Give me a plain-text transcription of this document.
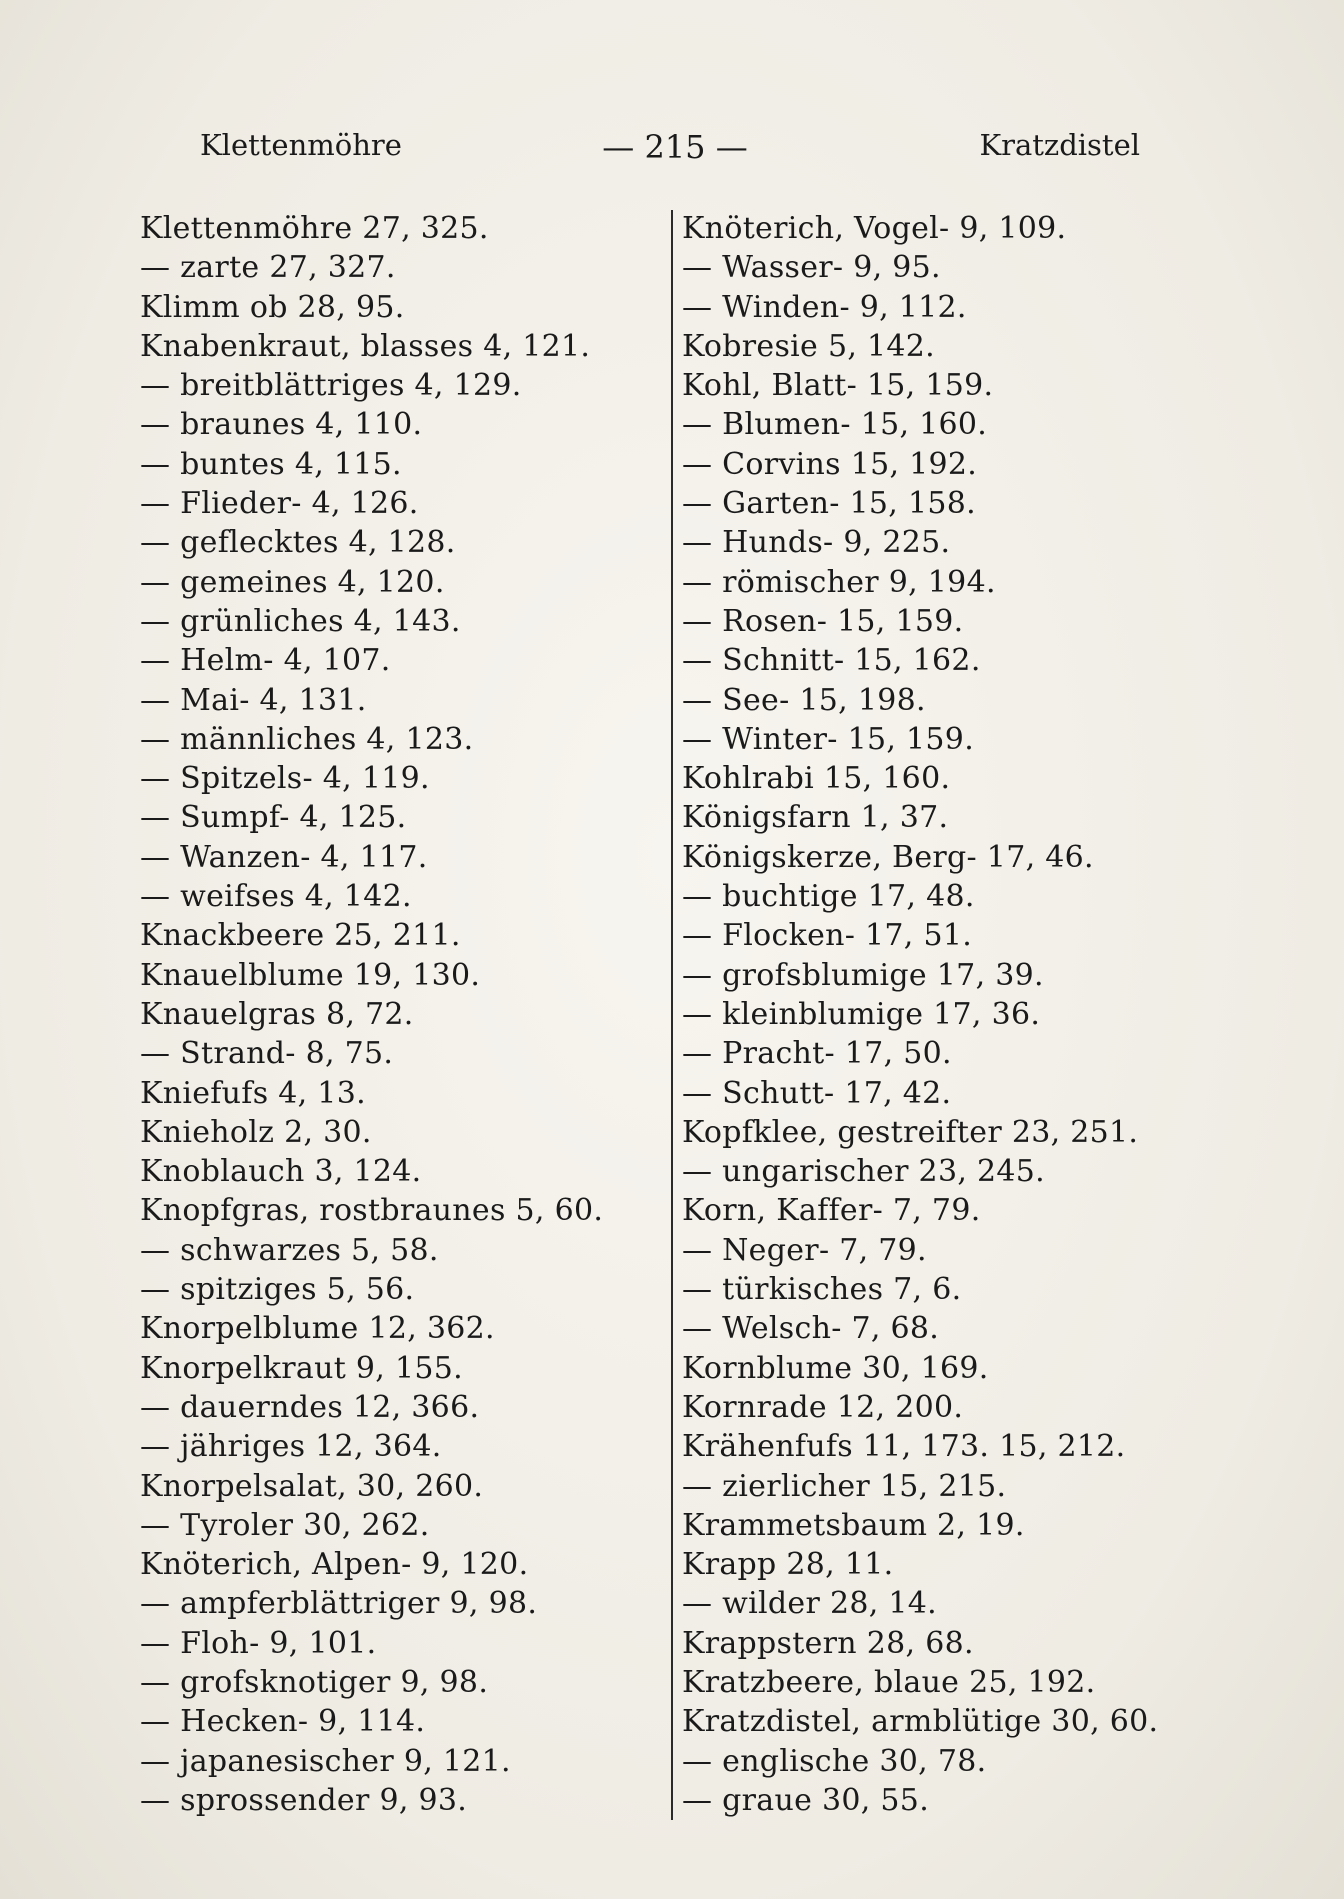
Klettenmöhre	— 215 —	Kratzdistel
Klettenmöhre 27, 325.
— zarte 27, 327.
Klimm ob 28, 95.
Knabenkraut, blasses 4, 121.
— breitblättriges 4, 129.
— braunes 4, 110.
— buntes 4, 115.
— Flieder- 4, 126.
— geflecktes 4, 128.
— gemeines 4, 120.
— grünliches 4, 143.
— Helm- 4, 107.
— Mai- 4, 131.
— männliches 4, 123.
— Spitzels- 4, 119.
— Sumpf- 4, 125.
— Wanzen- 4, 117.
— weifses 4, 142.
Knackbeere 25, 211.
Knauelblume 19, 130.
Knauelgras 8, 72.
— Strand- 8, 75.
Kniefufs 4, 13.
Knieholz 2, 30.
Knoblauch 3, 124.
Knopfgras, rostbraunes 5, 60.
— schwarzes 5, 58.
— spitziges 5, 56.
Knorpelblume 12, 362.
Knorpelkraut 9, 155.
— dauerndes 12, 366.
— jähriges 12, 364.
Knorpelsalat, 30, 260.
— Tyroler 30, 262.
Knöterich, Alpen- 9, 120.
— ampferblättriger 9, 98.
— Floh- 9, 101.
— grofsknotiger 9, 98.
— Hecken- 9, 114.
— japanesischer 9, 121.
— sprossender 9, 93.
Knöterich, Vogel- 9, 109.
— Wasser- 9, 95.
— Winden- 9, 112.
Kobresie 5, 142.
Kohl, Blatt- 15, 159.
— Blumen- 15, 160.
— Corvins 15, 192.
— Garten- 15, 158.
— Hunds- 9, 225.
— römischer 9, 194.
— Rosen- 15, 159.
— Schnitt- 15, 162.
— See- 15, 198.
— Winter- 15, 159.
Kohlrabi 15, 160.
Königsfarn 1, 37.
Königskerze, Berg- 17, 46.
— buchtige 17, 48.
— Flocken- 17, 51.
— grofsblumige 17, 39.
— kleinblumige 17, 36.
— Pracht- 17, 50.
— Schutt- 17, 42.
Kopfklee, gestreifter 23, 251.
— ungarischer 23, 245.
Korn, Kaffer- 7, 79.
— Neger- 7, 79.
— türkisches 7, 6.
— Welsch- 7, 68.
Kornblume 30, 169.
Kornrade 12, 200.
Krähenfufs 11, 173. 15, 212.
— zierlicher 15, 215.
Krammetsbaum 2, 19.
Krapp 28, 11.
— wilder 28, 14.
Krappstern 28, 68.
Kratzbeere, blaue 25, 192.
Kratzdistel, armblütige 30, 60.
— englische 30, 78.
— graue 30, 55.
